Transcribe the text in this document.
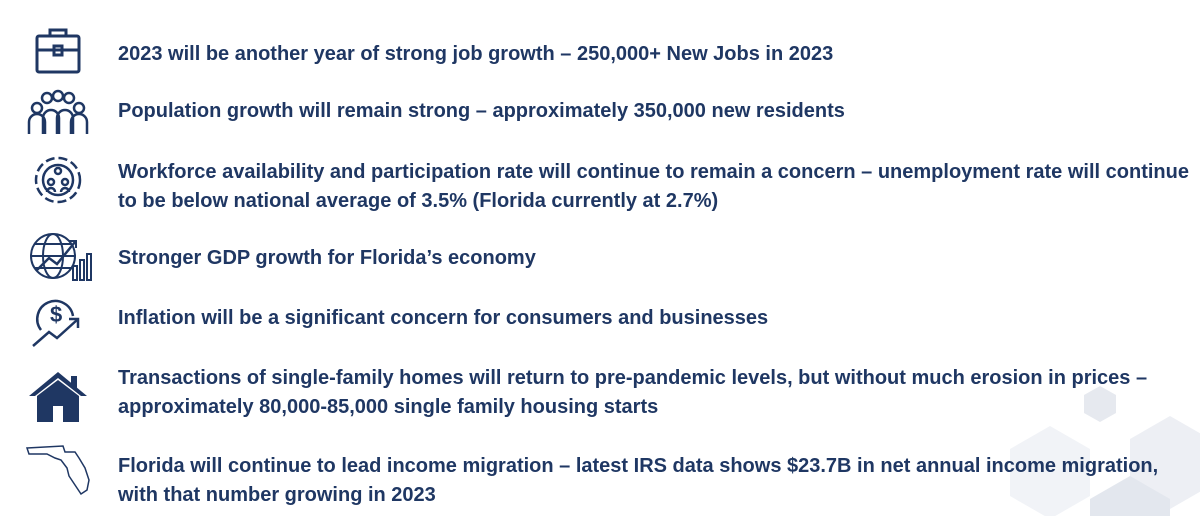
2023 will be another year of strong job growth – 250,000+ New Jobs in 2023
Population growth will remain strong – approximately 350,000 new residents
Workforce availability and participation rate will continue to remain a concern – unemployment rate will continue to be below national average of 3.5% (Florida currently at 2.7%)
Stronger GDP growth for Florida’s economy
$	Inflation will be a significant concern for consumers and businesses
Transactions of single-family homes will return to pre-pandemic levels, but without much erosion in prices – approximately 80,000-85,000 single family housing starts
Florida will continue to lead income migration – latest IRS data shows $23.7B in net annual income migration, with that number growing in 2023
